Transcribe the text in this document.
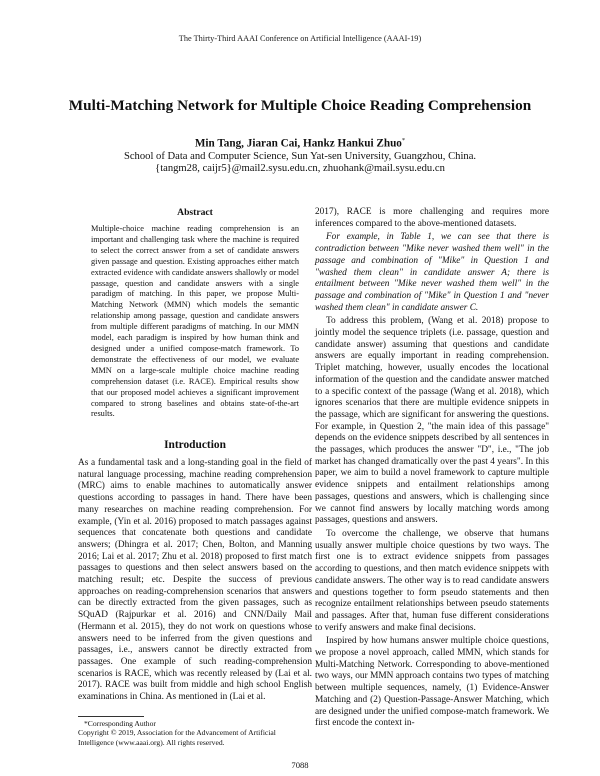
The Thirty-Third AAAI Conference on Artificial Intelligence (AAAI-19)
Multi-Matching Network for Multiple Choice Reading Comprehension
Min Tang, Jiaran Cai, Hankz Hankui Zhuo*
School of Data and Computer Science, Sun Yat-sen University, Guangzhou, China.
{tangm28, caijr5}@mail2.sysu.edu.cn, zhuohank@mail.sysu.edu.cn
Abstract

Multiple-choice machine reading comprehension is an important and challenging task where the machine is required to select the correct answer from a set of candidate answers given passage and question. Existing approaches either match extracted evidence with candidate answers shallowly or model passage, question and candidate answers with a single paradigm of matching. In this paper, we propose Multi-Matching Network (MMN) which models the semantic relationship among passage, question and candidate answers from multiple different paradigms of matching. In our MMN model, each paradigm is inspired by how human think and designed under a unified compose-match framework. To demonstrate the effectiveness of our model, we evaluate MMN on a large-scale multiple choice machine reading comprehension dataset (i.e. RACE). Empirical results show that our proposed model achieves a significant improvement compared to strong baselines and obtains state-of-the-art results.

Introduction

As a fundamental task and a long-standing goal in the field of natural language processing, machine reading comprehension (MRC) aims to enable machines to automatically answer questions according to passages in hand. There have been many researches on machine reading comprehension. For example, (Yin et al. 2016) proposed to match passages against sequences that concatenate both questions and candidate answers; (Dhingra et al. 2017; Chen, Bolton, and Manning 2016; Lai et al. 2017; Zhu et al. 2018) proposed to first match passages to questions and then select answers based on the matching result; etc. Despite the success of previous approaches on reading-comprehension scenarios that answers can be directly extracted from the given passages, such as SQuAD (Rajpurkar et al. 2016) and CNN/Daily Mail (Hermann et al. 2015), they do not work on questions whose answers need to be inferred from the given questions and passages, i.e., answers cannot be directly extracted from passages. One example of such reading-comprehension scenarios is RACE, which was recently released by (Lai et al. 2017). RACE was built from middle and high school English examinations in China. As mentioned in (Lai et al.

2017), RACE is more challenging and requires more inferences compared to the above-mentioned datasets.

For example, in Table 1, we can see that there is contradiction between "Mike never washed them well" in the passage and combination of "Mike" in Question 1 and "washed them clean" in candidate answer A; there is entailment between "Mike never washed them well" in the passage and combination of "Mike" in Question 1 and "never washed them clean" in candidate answer C.

To address this problem, (Wang et al. 2018) propose to jointly model the sequence triplets (i.e. passage, question and candidate answer) assuming that questions and candidate answers are equally important in reading comprehension. Triplet matching, however, usually encodes the locational information of the question and the candidate answer matched to a specific context of the passage (Wang et al. 2018), which ignores scenarios that there are multiple evidence snippets in the passage, which are significant for answering the questions. For example, in Question 2, "the main idea of this passage" depends on the evidence snippets described by all sentences in the passages, which produces the answer "D", i.e., "The job market has changed dramatically over the past 4 years". In this paper, we aim to build a novel framework to capture multiple evidence snippets and entailment relationships among passages, questions and answers, which is challenging since we cannot find answers by locally matching words among passages, questions and answers.

To overcome the challenge, we observe that humans usually answer multiple choice questions by two ways. The first one is to extract evidence snippets from passages according to questions, and then match evidence snippets with candidate answers. The other way is to read candidate answers and questions together to form pseudo statements and then recognize entailment relationships between pseudo statements and passages. After that, human fuse different considerations to verify answers and make final decisions.

Inspired by how humans answer multiple choice questions, we propose a novel approach, called MMN, which stands for Multi-Matching Network. Corresponding to above-mentioned two ways, our MMN approach contains two types of matching between multiple sequences, namely, (1) Evidence-Answer Matching and (2) Question-Passage-Answer Matching, which are designed under the unified compose-match framework. We first encode the context in-

*Corresponding Author

Copyright © 2019, Association for the Advancement of Artificial Intelligence (www.aaai.org). All rights reserved.

7088
